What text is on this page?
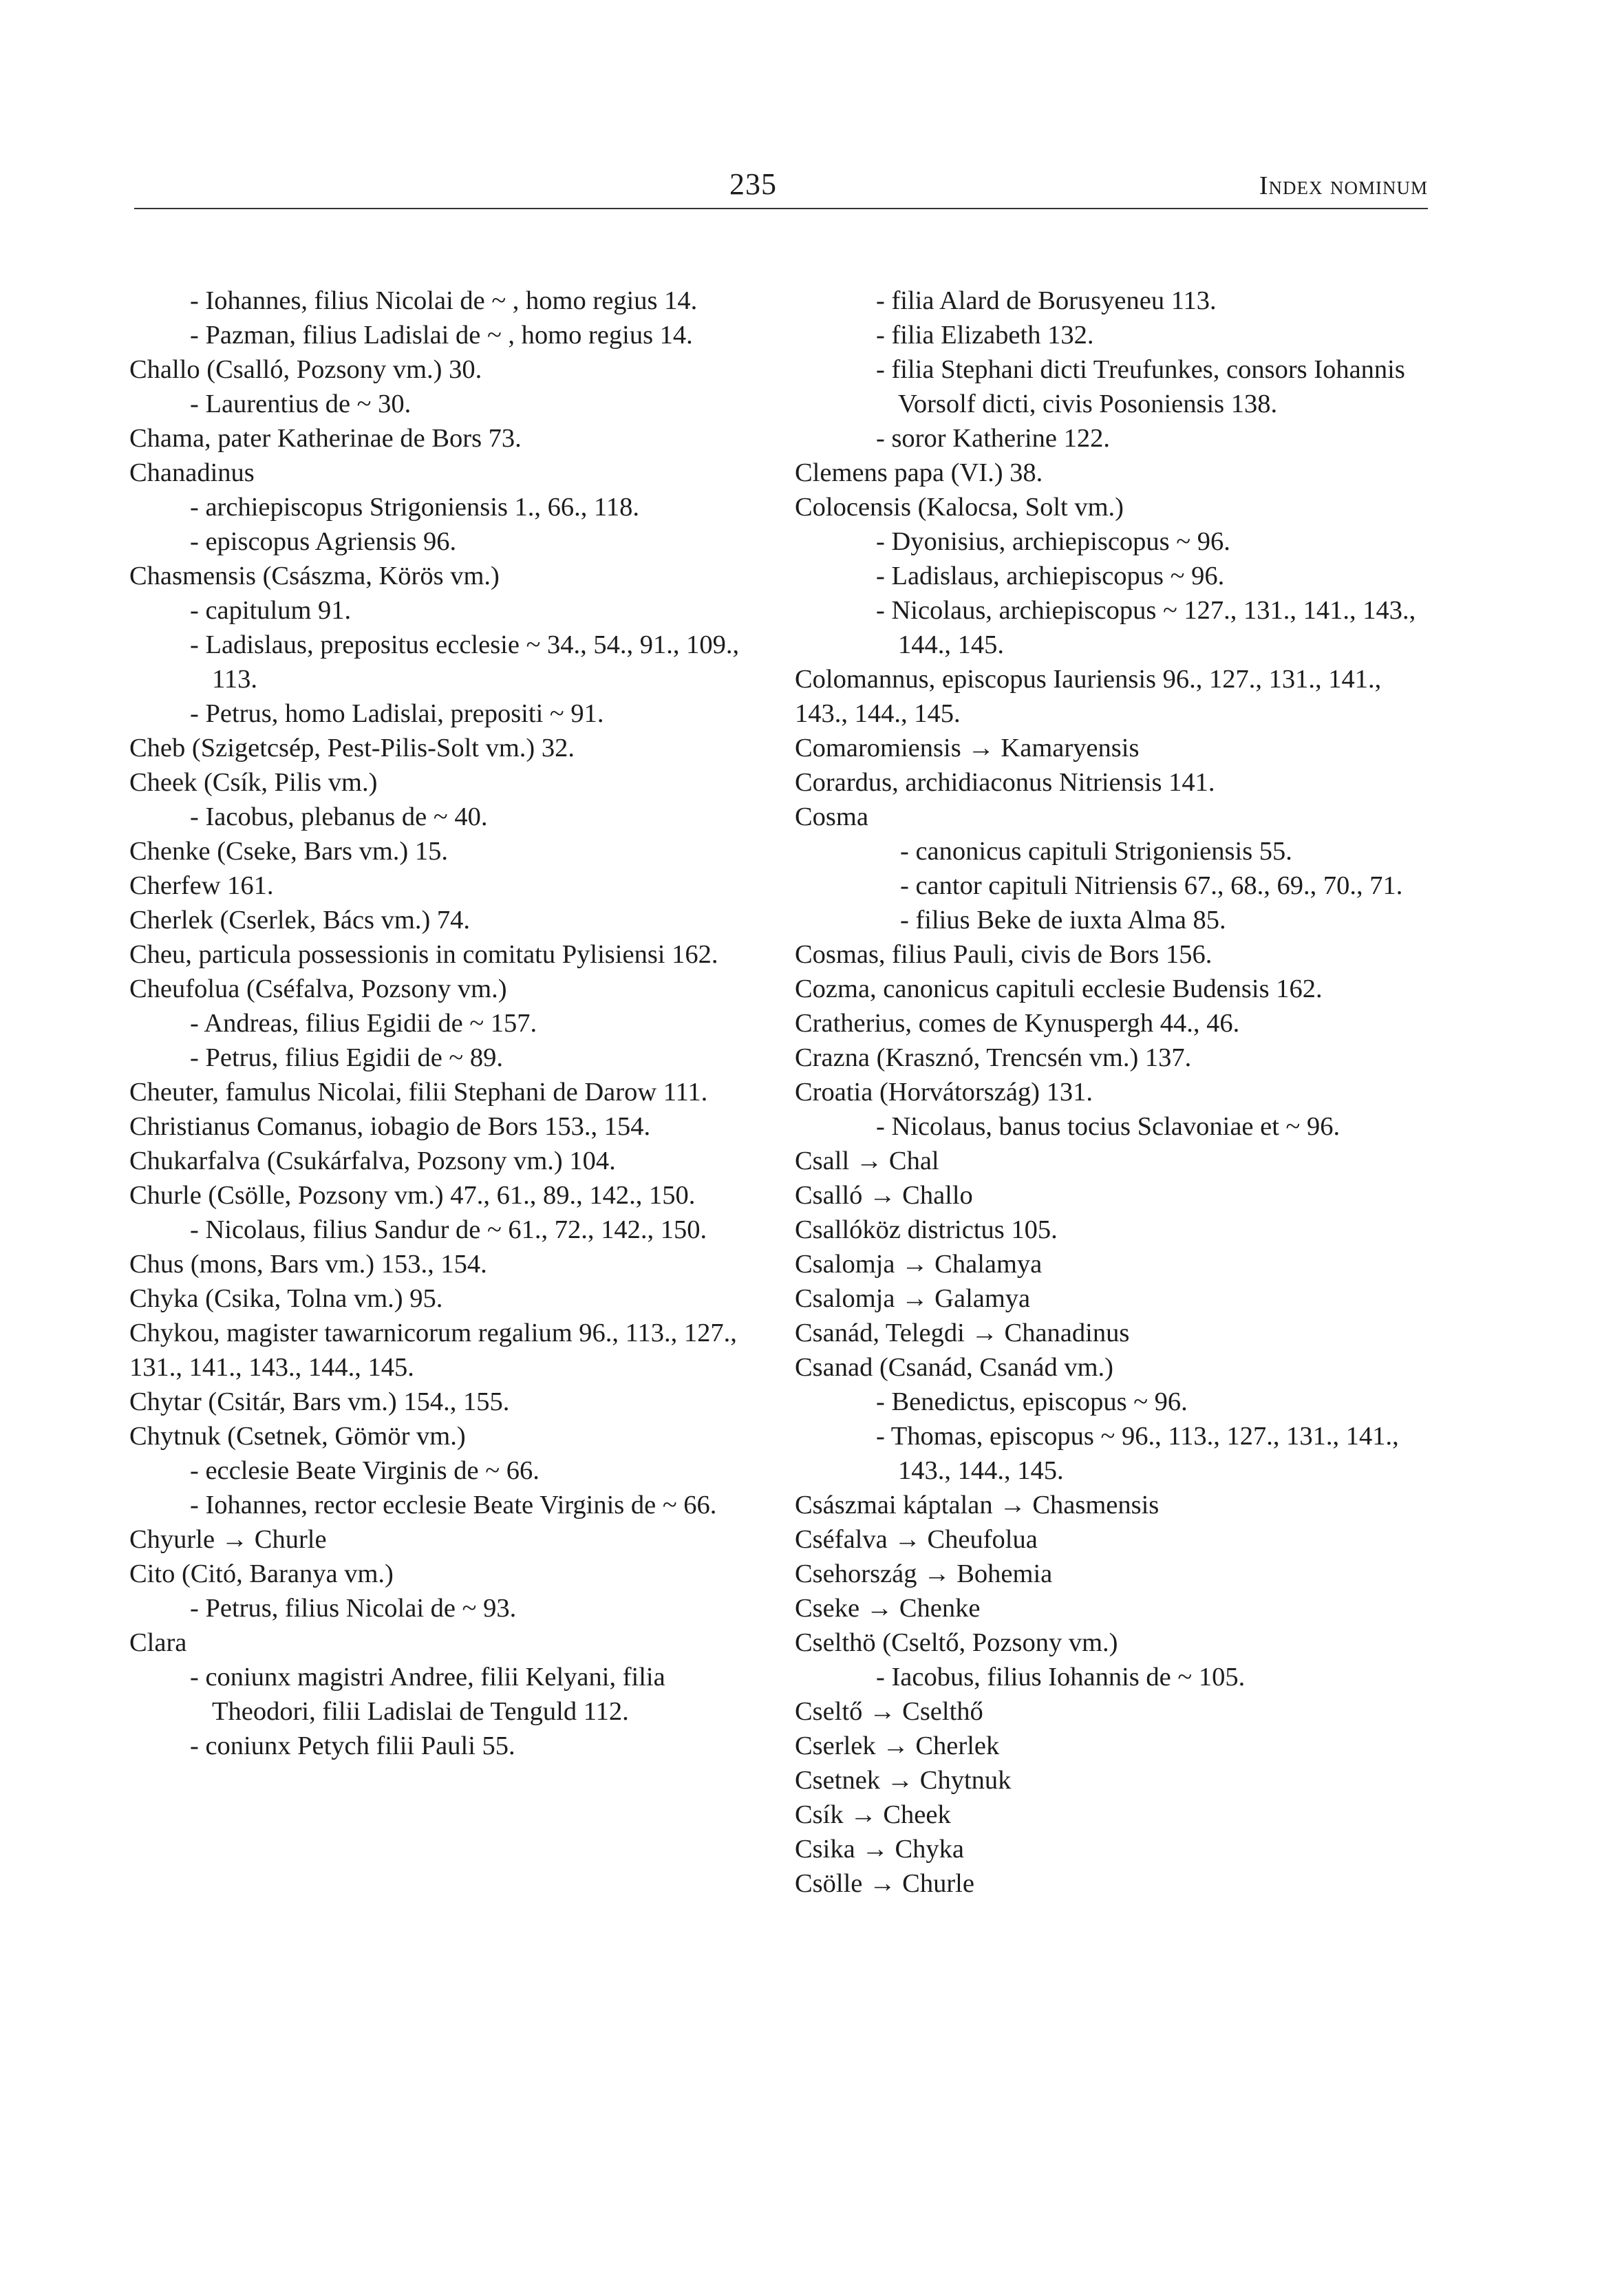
235	Index nominum

- Iohannes, filius Nicolai de ~ , homo regius 14.

- Pazman, filius Ladislai de ~ , homo regius 14.

Challo (Csalló, Pozsony vm.) 30.

- Laurentius de ~ 30.

Chama, pater Katherinae de Bors 73.

Chanadinus

- archiepiscopus Strigoniensis 1., 66., 118.

- episcopus Agriensis 96.

Chasmensis (Császma, Körös vm.)

- capitulum 91.

- Ladislaus, prepositus ecclesie ~ 34., 54., 91., 109., 113.

- Petrus, homo Ladislai, prepositi ~ 91.

Cheb (Szigetcsép, Pest-Pilis-Solt vm.) 32.

Cheek (Csík, Pilis vm.)

- Iacobus, plebanus de ~ 40.

Chenke (Cseke, Bars vm.) 15.

Cherfew 161.

Cherlek (Cserlek, Bács vm.) 74.

Cheu, particula possessionis in comitatu Pylisiensi 162.

Cheufolua (Cséfalva, Pozsony vm.)

- Andreas, filius Egidii de ~ 157.

- Petrus, filius Egidii de ~ 89.

Cheuter, famulus Nicolai, filii Stephani de Darow 111.

Christianus Comanus, iobagio de Bors 153., 154.

Chukarfalva (Csukárfalva, Pozsony vm.) 104.

Churle (Csölle, Pozsony vm.) 47., 61., 89., 142., 150.

- Nicolaus, filius Sandur de ~ 61., 72., 142., 150.

Chus (mons, Bars vm.) 153., 154.

Chyka (Csika, Tolna vm.) 95.

Chykou, magister tawarnicorum regalium 96., 113., 127., 131., 141., 143., 144., 145.

Chytar (Csitár, Bars vm.) 154., 155.

Chytnuk (Csetnek, Gömör vm.)

- ecclesie Beate Virginis de ~ 66.

- Iohannes, rector ecclesie Beate Virginis de ~ 66.

Chyurle → Churle

Cito (Citó, Baranya vm.)

- Petrus, filius Nicolai de ~ 93.

Clara

- coniunx magistri Andree, filii Kelyani, filia Theodori, filii Ladislai de Tenguld 112.

- coniunx Petych filii Pauli 55.

- filia Alard de Borusyeneu 113.

- filia Elizabeth 132.

- filia Stephani dicti Treufunkes, consors Iohannis Vorsolf dicti, civis Posoniensis 138.

- soror Katherine 122.

Clemens papa (VI.) 38.

Colocensis (Kalocsa, Solt vm.)

- Dyonisius, archiepiscopus ~ 96.

- Ladislaus, archiepiscopus ~ 96.

- Nicolaus, archiepiscopus ~ 127., 131., 141., 143., 144., 145.

Colomannus, episcopus Iauriensis 96., 127., 131., 141., 143., 144., 145.

Comaromiensis → Kamaryensis

Corardus, archidiaconus Nitriensis 141.

Cosma

- canonicus capituli Strigoniensis 55.

- cantor capituli Nitriensis 67., 68., 69., 70., 71.

- filius Beke de iuxta Alma 85.

Cosmas, filius Pauli, civis de Bors 156.

Cozma, canonicus capituli ecclesie Budensis 162.

Cratherius, comes de Kynuspergh 44., 46.

Crazna (Krasznó, Trencsén vm.) 137.

Croatia (Horvátország) 131.

- Nicolaus, banus tocius Sclavoniae et ~ 96.

Csall → Chal

Csalló → Challo

Csallóköz districtus 105.

Csalomja → Chalamya

Csalomja → Galamya

Csanád, Telegdi → Chanadinus

Csanad (Csanád, Csanád vm.)

- Benedictus, episcopus ~ 96.

- Thomas, episcopus ~ 96., 113., 127., 131., 141., 143., 144., 145.

Császmai káptalan → Chasmensis

Cséfalva → Cheufolua

Csehország → Bohemia

Cseke → Chenke

Cselthö (Cseltő, Pozsony vm.)

- Iacobus, filius Iohannis de ~ 105.

Cseltő → Cselthő

Cserlek → Cherlek

Csetnek → Chytnuk

Csík → Cheek

Csika → Chyka

Csölle → Churle
